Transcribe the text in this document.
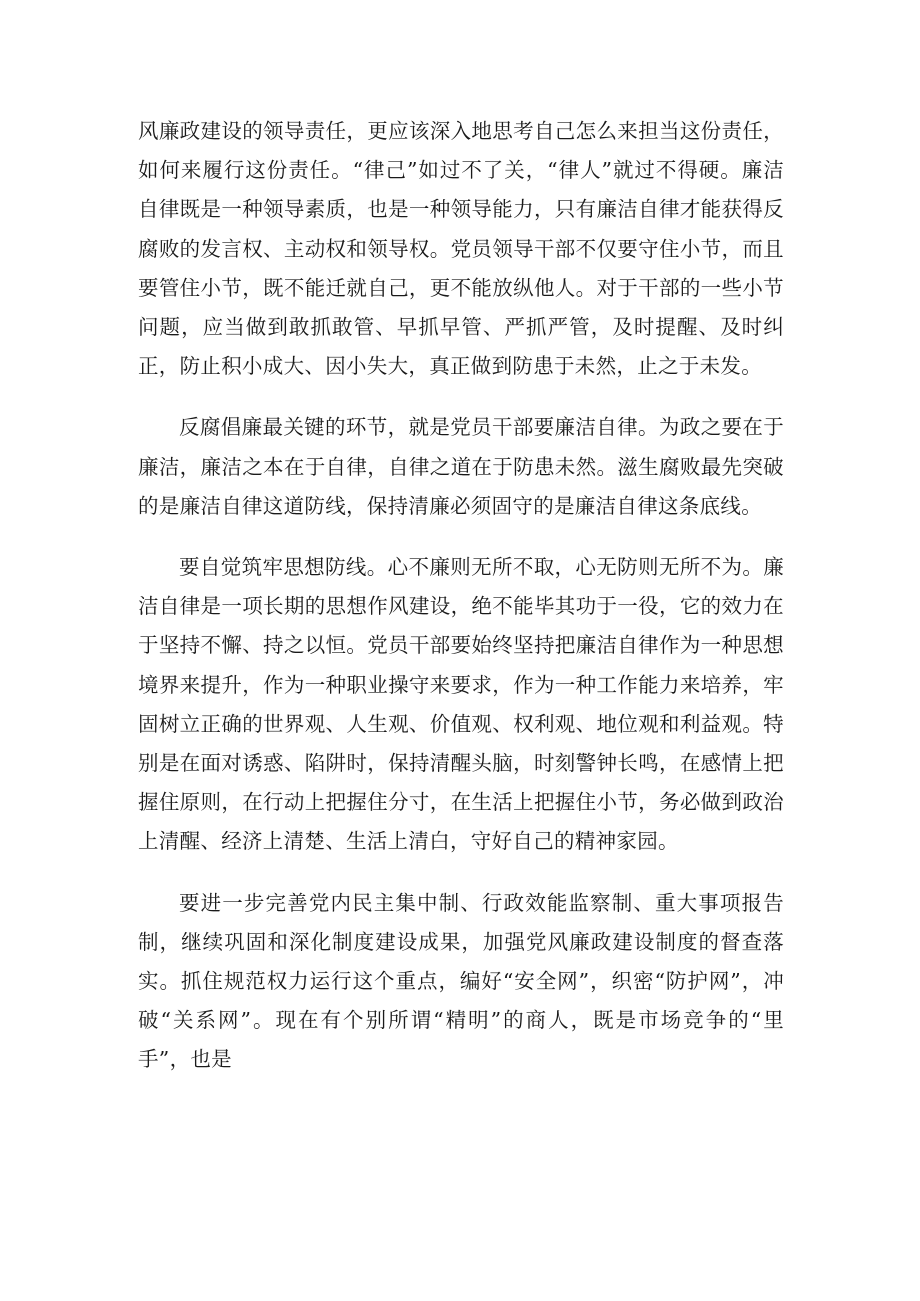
风廉政建设的领导责任，更应该深入地思考自己怎么来担当这份责任，如何来履行这份责任。“律己”如过不了关，“律人”就过不得硬。廉洁自律既是一种领导素质，也是一种领导能力，只有廉洁自律才能获得反腐败的发言权、主动权和领导权。党员领导干部不仅要守住小节，而且要管住小节，既不能迁就自己，更不能放纵他人。对于干部的一些小节问题，应当做到敢抓敢管、早抓早管、严抓严管，及时提醒、及时纠正，防止积小成大、因小失大，真正做到防患于未然，止之于未发。

反腐倡廉最关键的环节，就是党员干部要廉洁自律。为政之要在于廉洁，廉洁之本在于自律，自律之道在于防患未然。滋生腐败最先突破的是廉洁自律这道防线，保持清廉必须固守的是廉洁自律这条底线。

要自觉筑牢思想防线。心不廉则无所不取，心无防则无所不为。廉洁自律是一项长期的思想作风建设，绝不能毕其功于一役，它的效力在于坚持不懈、持之以恒。党员干部要始终坚持把廉洁自律作为一种思想境界来提升，作为一种职业操守来要求，作为一种工作能力来培养，牢固树立正确的世界观、人生观、价值观、权利观、地位观和利益观。特别是在面对诱惑、陷阱时，保持清醒头脑，时刻警钟长鸣，在感情上把握住原则，在行动上把握住分寸，在生活上把握住小节，务必做到政治上清醒、经济上清楚、生活上清白，守好自己的精神家园。

要进一步完善党内民主集中制、行政效能监察制、重大事项报告制，继续巩固和深化制度建设成果，加强党风廉政建设制度的督查落实。抓住规范权力运行这个重点，编好“安全网”，织密“防护网”，冲破“关系网”。现在有个别所谓“精明”的商人，既是市场竞争的“里手”，也是
